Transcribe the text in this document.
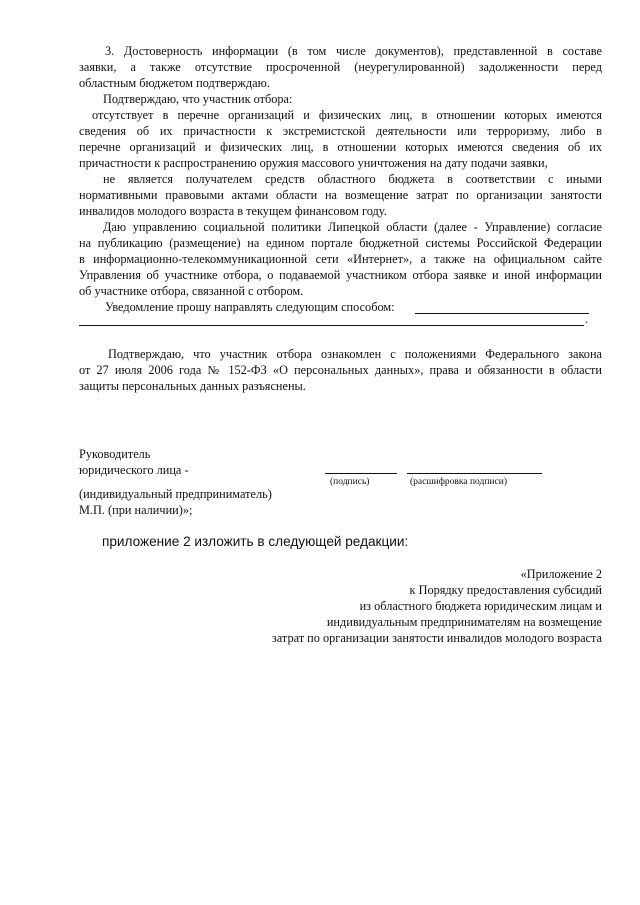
3. Достоверность информации (в том числе документов), представленной в составе
заявки, а также отсутствие просроченной (неурегулированной) задолженности перед
областным бюджетом подтверждаю.
Подтверждаю, что участник отбора:
отсутствует в перечне организаций и физических лиц, в отношении которых имеются
сведения об их причастности к экстремистской деятельности или терроризму, либо в
перечне организаций и физических лиц, в отношении которых имеются сведения об их
причастности к распространению оружия массового уничтожения на дату подачи заявки,
не является получателем средств областного бюджета в соответствии с иными
нормативными правовыми актами области на возмещение затрат по организации занятости
инвалидов молодого возраста в текущем финансовом году.
Даю управлению социальной политики Липецкой области (далее - Управление) согласие
на публикацию (размещение) на едином портале бюджетной системы Российской Федерации
в информационно-телекоммуникационной сети «Интернет», а также на официальном сайте
Управления об участнике отбора, о подаваемой участником отбора заявке и иной информации
об участнике отбора, связанной с отбором.
Уведомление прошу направлять следующим способом:
.
Подтверждаю, что участник отбора ознакомлен с положениями Федерального закона
от 27 июля 2006 года № 152-ФЗ «О персональных данных», права и обязанности в области
защиты персональных данных разъяснены.
Руководитель
юридического лица -
(подпись)	(расшифровка подписи)
(индивидуальный предприниматель)
М.П. (при наличии)»;
приложение 2 изложить в следующей редакции:
«Приложение 2
к Порядку предоставления субсидий
из областного бюджета юридическим лицам и
индивидуальным предпринимателям на возмещение
затрат по организации занятости инвалидов молодого возраста
